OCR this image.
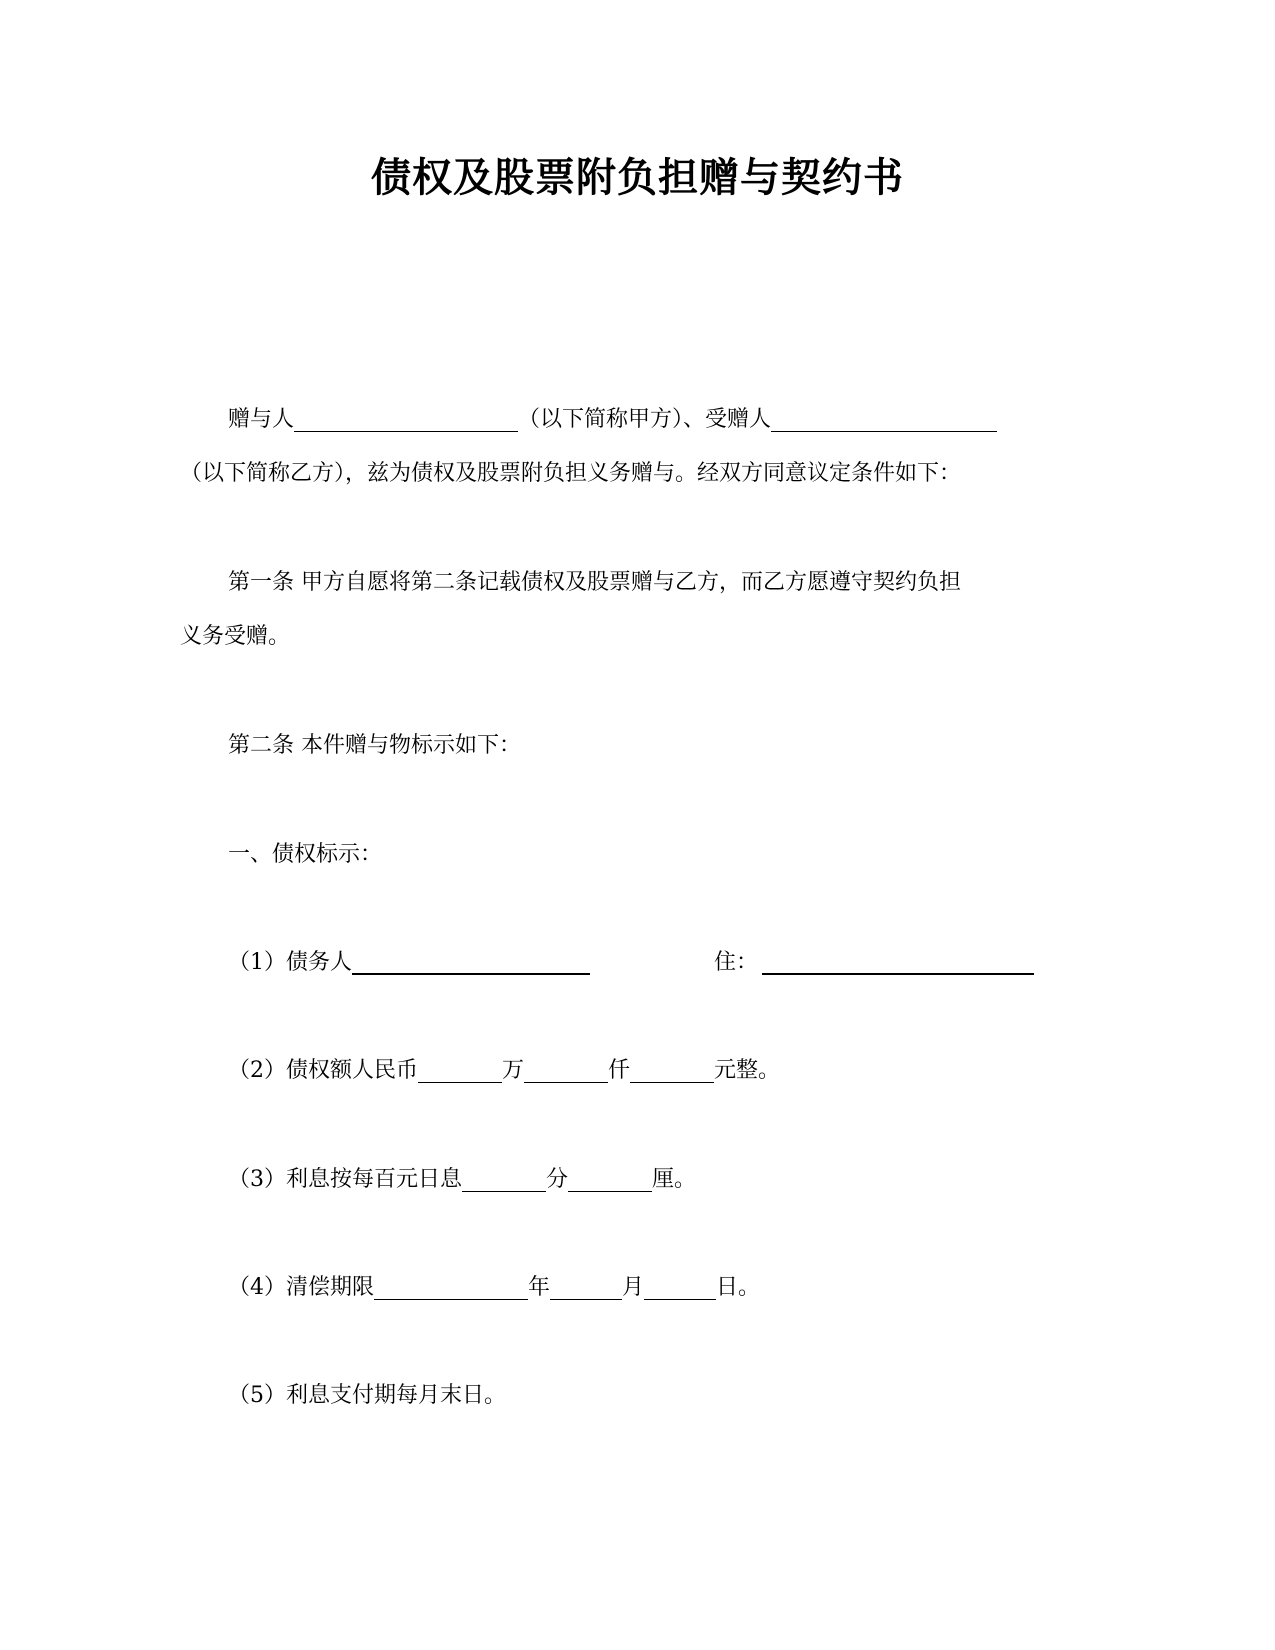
债权及股票附负担赠与契约书
赠与人	（以下简称甲方）、受赠人
（以下简称乙方），兹为债权及股票附负担义务赠与。经双方同意议定条件如下：
第一条 甲方自愿将第二条记载债权及股票赠与乙方，而乙方愿遵守契约负担
义务受赠。
第二条 本件赠与物标示如下：
一、债权标示：
（1）债务人	住：
（2）债权额人民币	万	仟	元整。
（3）利息按每百元日息	分	厘。
（4）清偿期限	年	月	日。
（5）利息支付期每月末日。
